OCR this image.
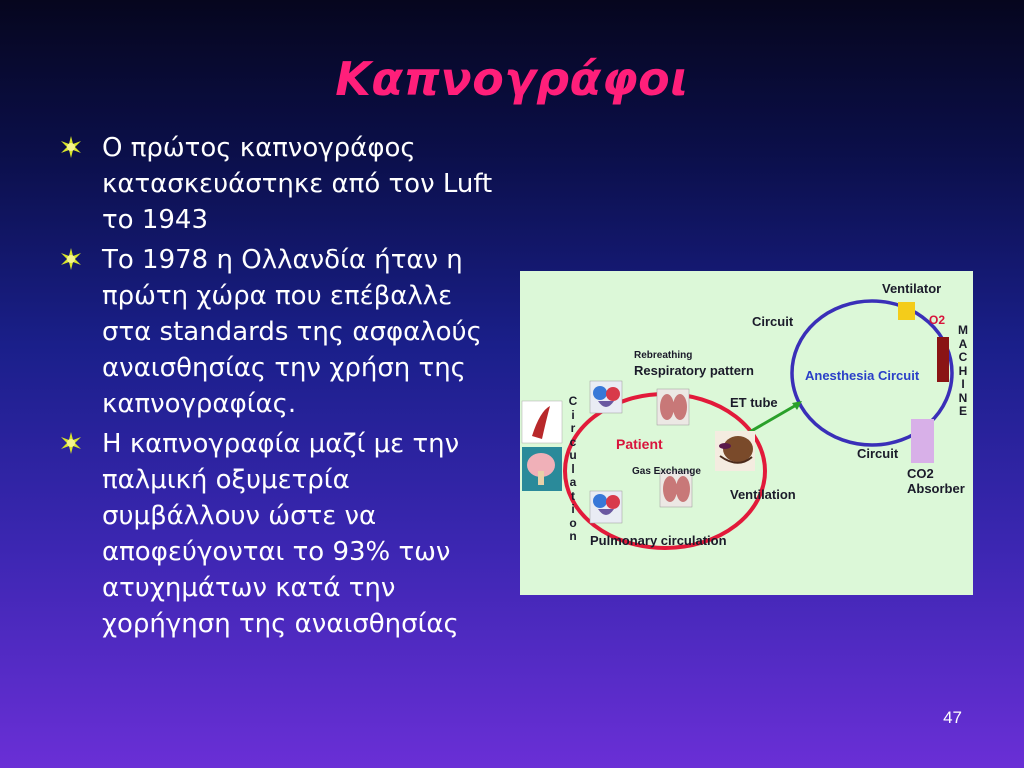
Καπνογράφοι
Ο πρώτος καπνογράφος κατασκευάστηκε από τον Luft το 1943
Το 1978 η Ολλανδία ήταν η πρώτη χώρα που επέβαλλε στα standards της ασφαλούς αναισθησίας την χρήση της καπνογραφίας.
Η καπνογραφία μαζί με την παλμική οξυμετρία συμβάλλουν ώστε να αποφεύγονται το 93% των ατυχημάτων κατά την χορήγηση της αναισθησίας
Ventilator
Circuit	O2
M
A
C
H
I
N
E
Anesthesia Circuit
Rebreathing
Respiratory pattern
ET tube
C
i
r
c
u
l
a
t
i
o
n
Patient
Gas Exchange
Ventilation
Circuit
CO2
Absorber
Pulmonary circulation
47
